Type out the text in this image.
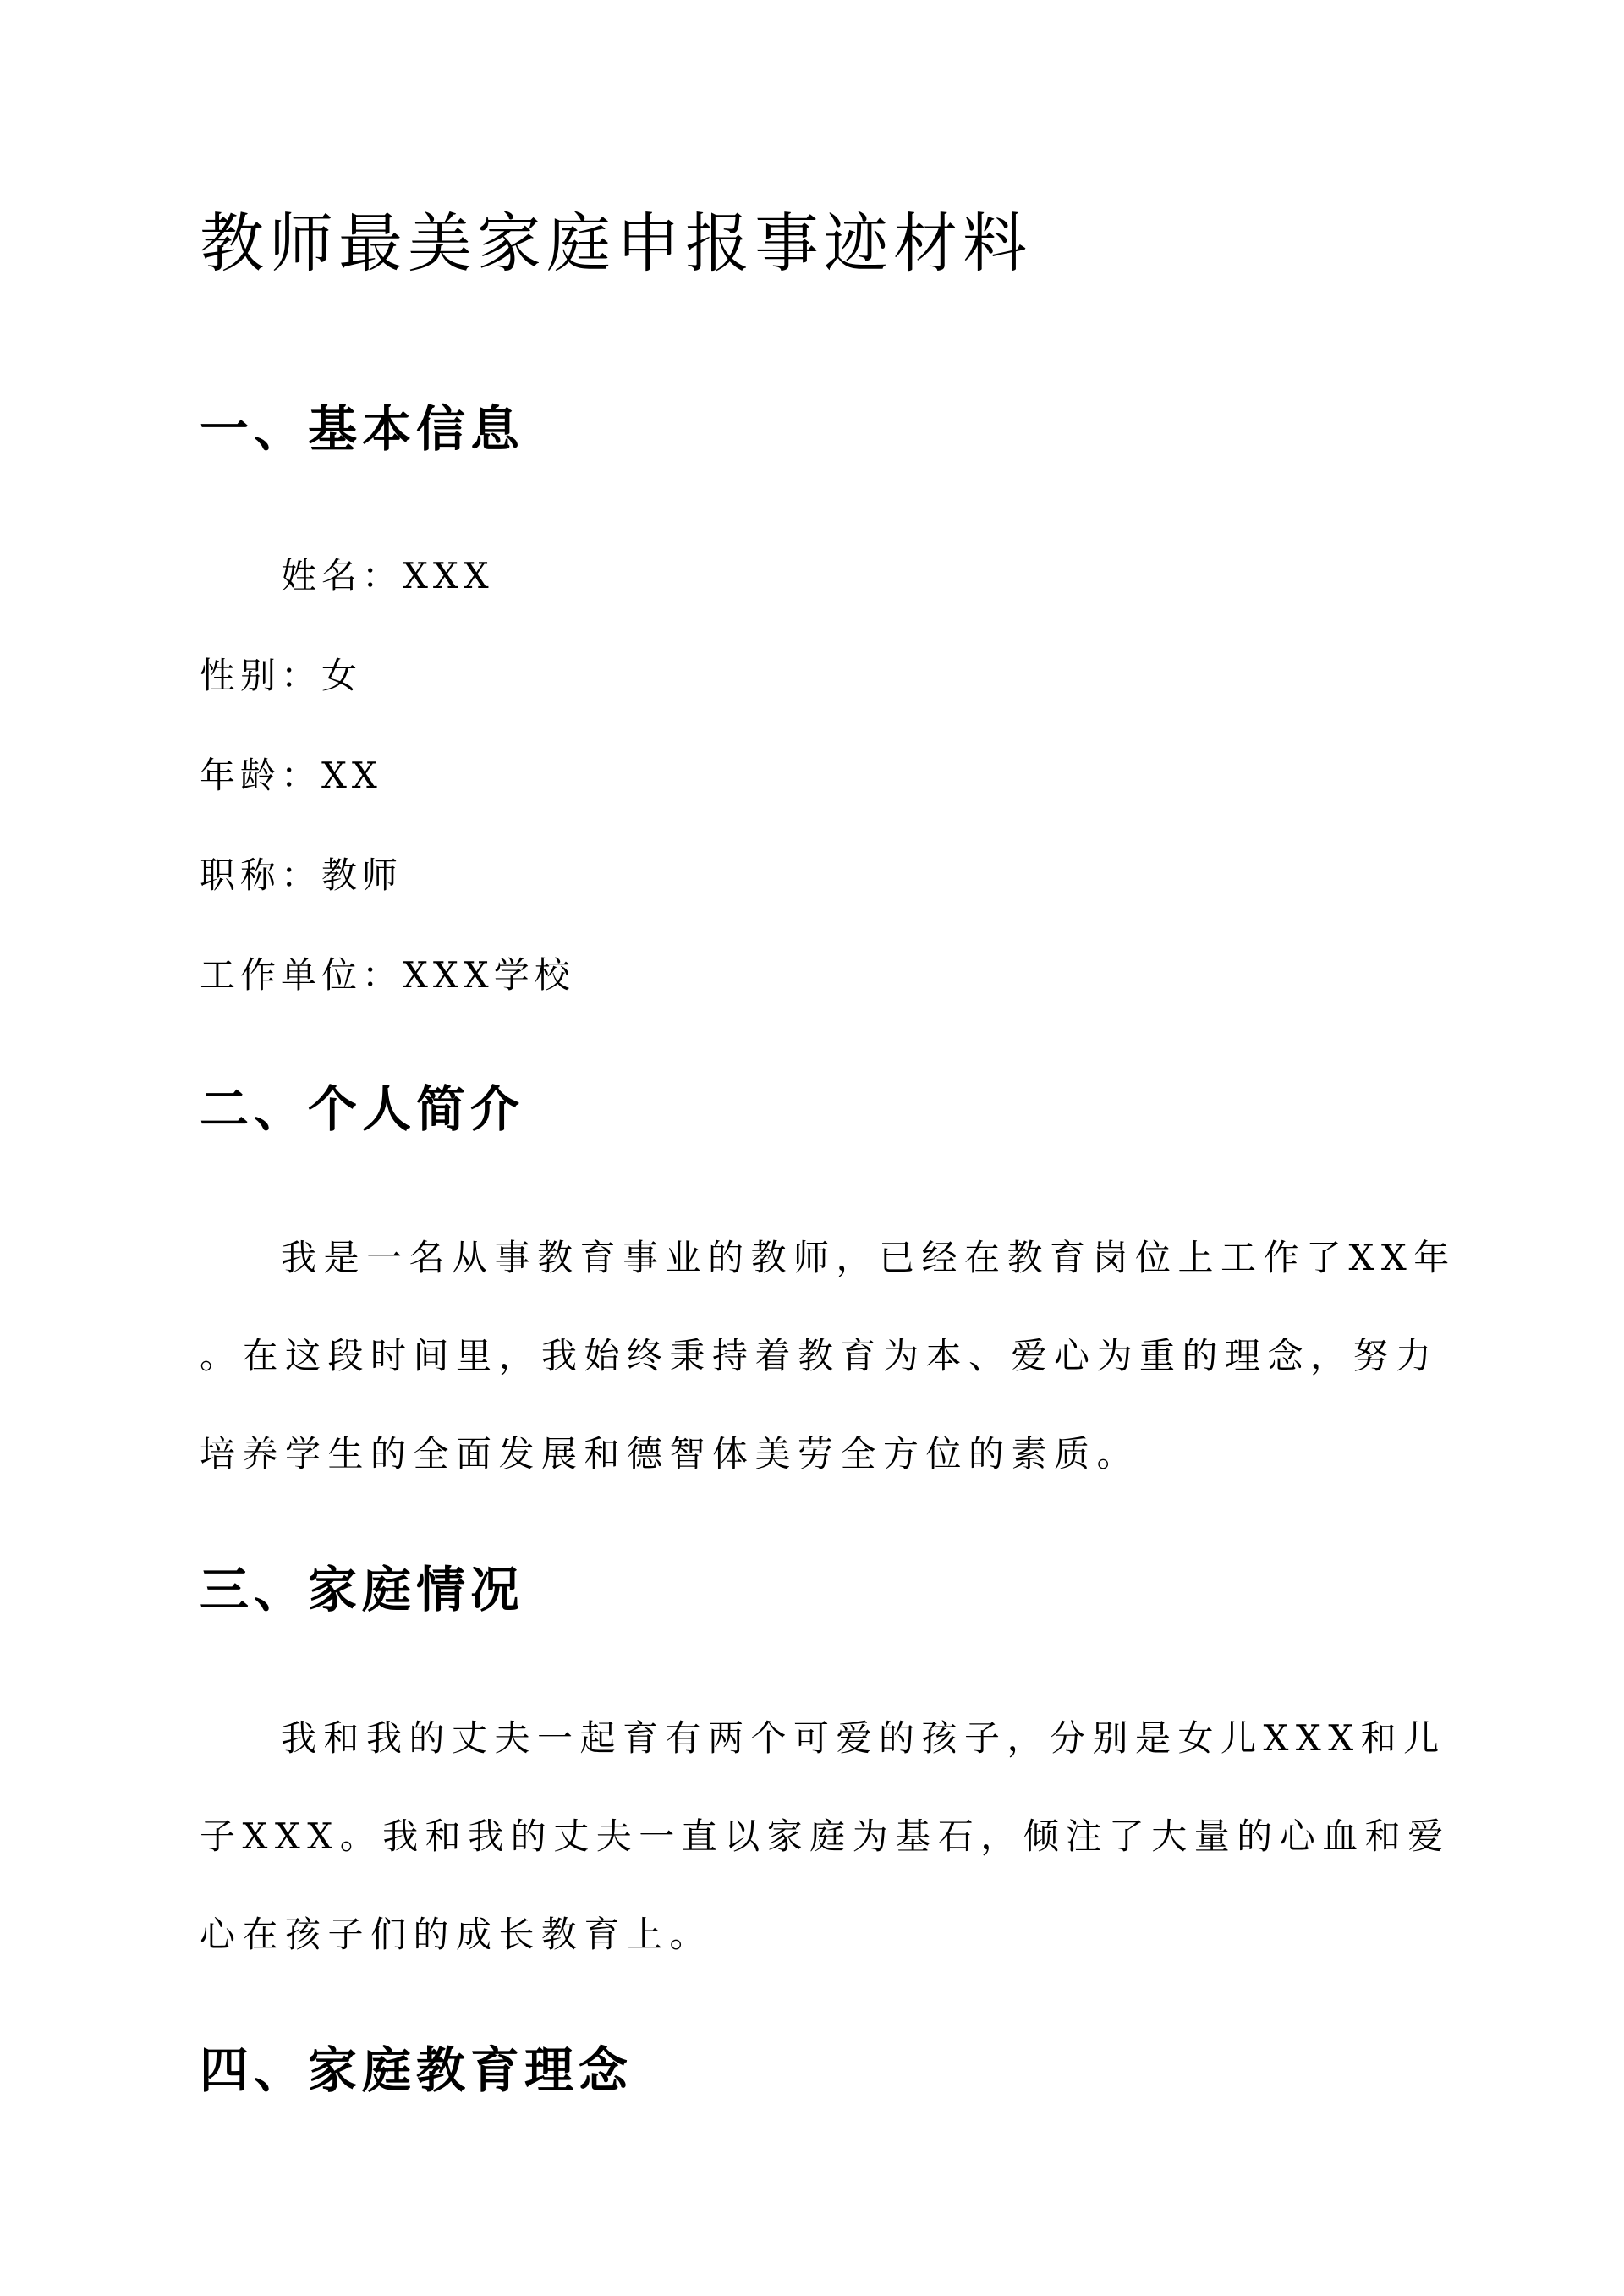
教师最美家庭申报事迹材料
一、基本信息

姓名：XXX

性别：女

年龄：XX

职称：教师

工作单位：XXX学校

二、个人简介

我是一名从事教育事业的教师，已经在教育岗位上工作了XX年

。在这段时间里，我始终秉持着教育为本、爱心为重的理念，努力

培养学生的全面发展和德智体美劳全方位的素质。

三、家庭情况

我和我的丈夫一起育有两个可爱的孩子，分别是女儿XXX和儿

子XXX。我和我的丈夫一直以家庭为基石，倾注了大量的心血和爱

心在孩子们的成长教育上。

四、家庭教育理念
